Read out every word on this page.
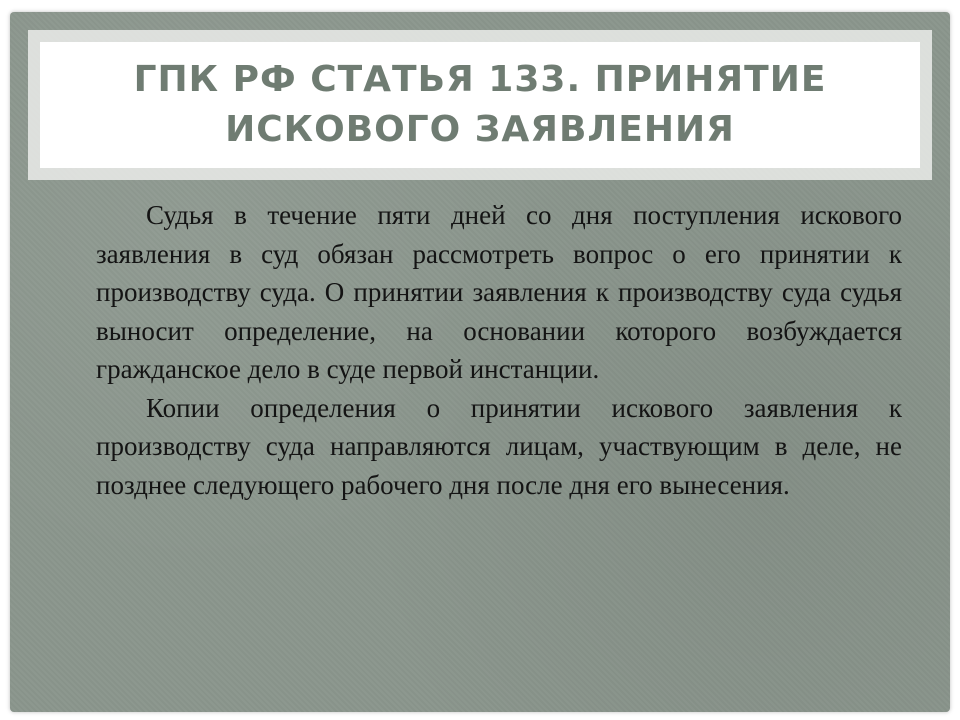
ГПК РФ СТАТЬЯ 133. ПРИНЯТИЕ ИСКОВОГО ЗАЯВЛЕНИЯ

Судья в течение пяти дней со дня поступления искового заявления в суд обязан рассмотреть вопрос о его принятии к производству суда. О принятии заявления к производству суда судья выносит определение, на основании которого возбуждается гражданское дело в суде первой инстанции.

Копии определения о принятии искового заявления к производству суда направляются лицам, участвующим в деле, не позднее следующего рабочего дня после дня его вынесения.
